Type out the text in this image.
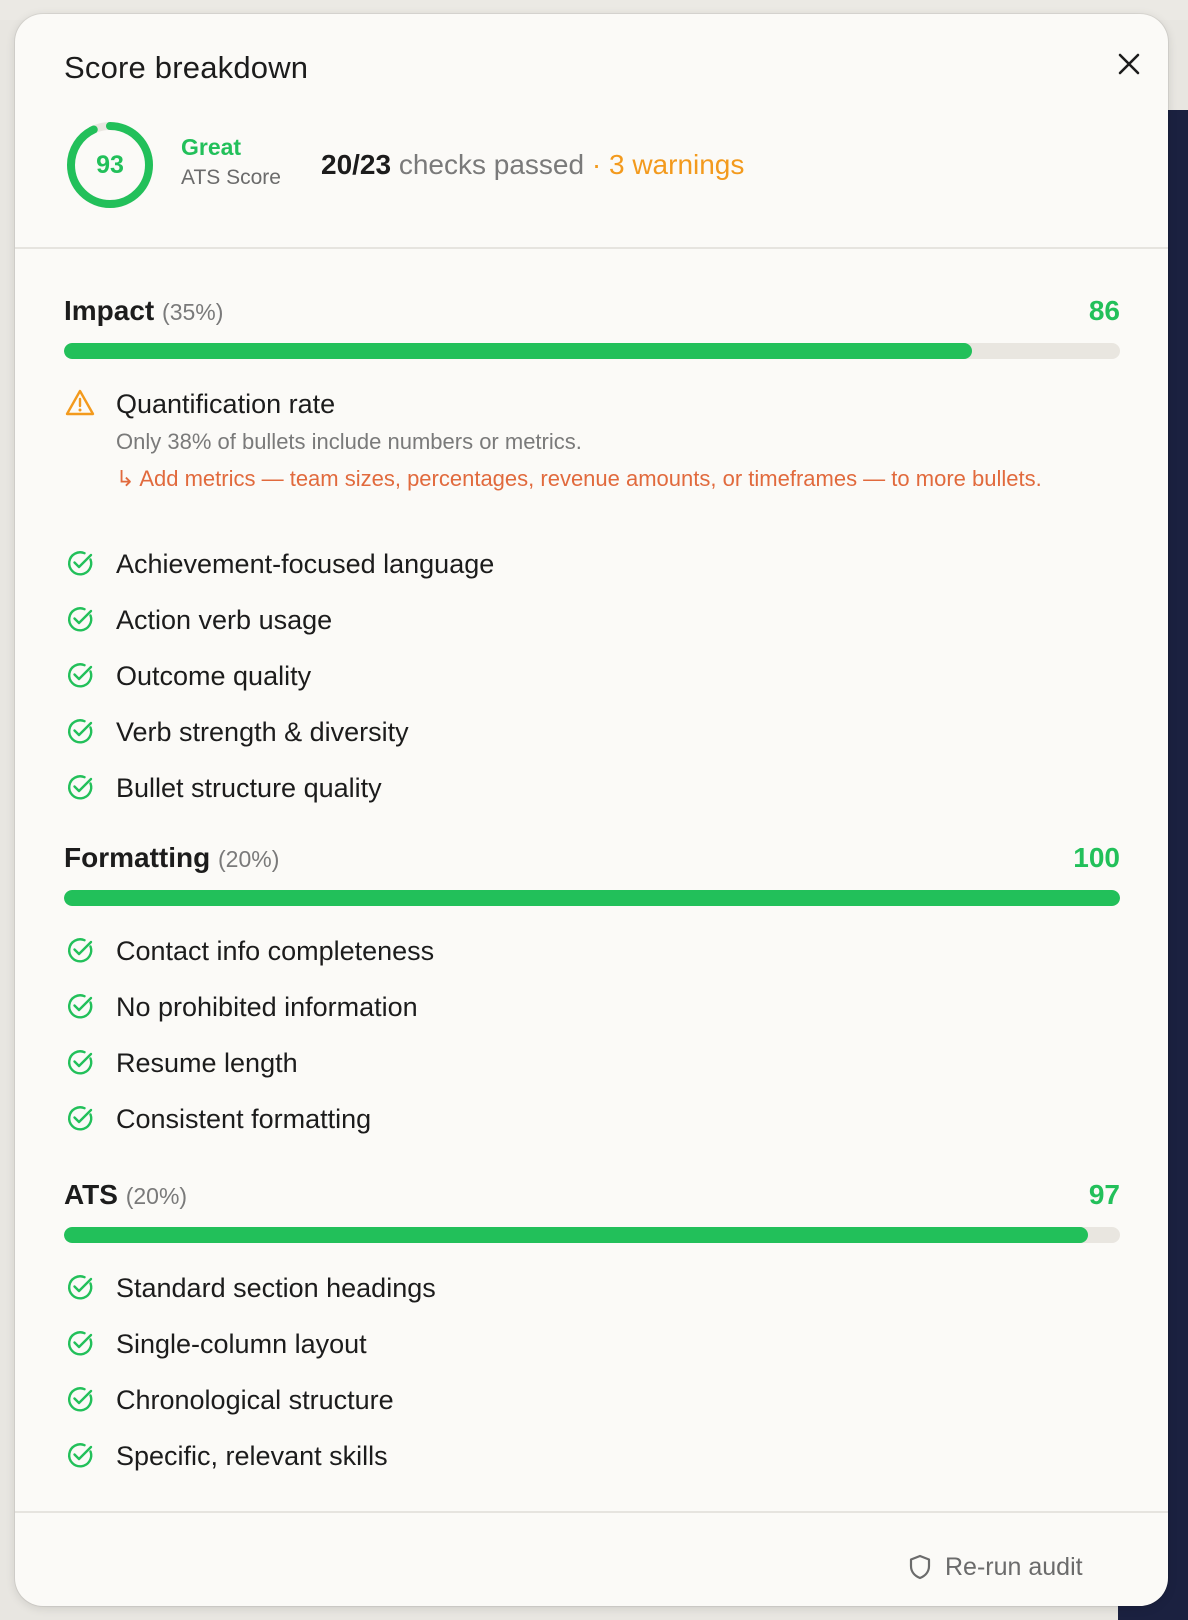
Score breakdown
93
Great
ATS Score 20/23 checks passed · 3 warnings
Impact (35%)	86
Quantification rate
Only 38% of bullets include numbers or metrics.
↳ Add metrics — team sizes, percentages, revenue amounts, or timeframes — to more bullets.
Achievement-focused language
Action verb usage
Outcome quality
Verb strength & diversity
Bullet structure quality
Formatting (20%)	100
Contact info completeness
No prohibited information
Resume length
Consistent formatting
ATS (20%)	97
Standard section headings
Single-column layout
Chronological structure
Specific, relevant skills
Re-run audit
